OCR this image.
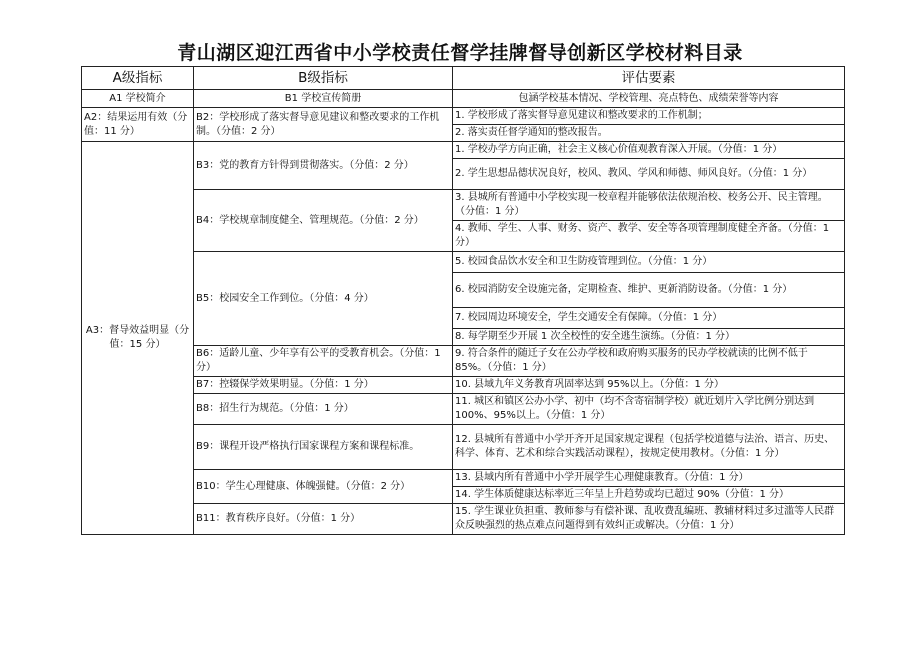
青山湖区迎江西省中小学校责任督学挂牌督导创新区学校材料目录
A级指标	B级指标	评估要素
A1 学校简介	B1 学校宣传简册	包涵学校基本情况、学校管理、亮点特色、成绩荣誉等内容
A2：结果运用有效（分值：11 分）	B2：学校形成了落实督导意见建议和整改要求的工作机制。（分值：2 分）	1. 学校形成了落实督导意见建议和整改要求的工作机制；
		2. 落实责任督学通知的整改报告。
A3：督导效益明显（分值：15 分）	B3：党的教育方针得到贯彻落实。（分值：2 分）	1. 学校办学方向正确，社会主义核心价值观教育深入开展。（分值：1 分）
		2. 学生思想品德状况良好，校风、教风、学风和师德、师风良好。（分值：1 分）
	B4：学校规章制度健全、管理规范。（分值：2 分）	3. 县城所有普通中小学校实现一校章程并能够依法依规治校、校务公开、民主管理。（分值：1 分）
		4. 教师、学生、人事、财务、资产、教学、安全等各项管理制度健全齐备。（分值：1 分）
	B5：校园安全工作到位。（分值：4 分）	5. 校园食品饮水安全和卫生防疫管理到位。（分值：1 分）
		6. 校园消防安全设施完备，定期检查、维护、更新消防设备。（分值：1 分）
		7. 校园周边环境安全，学生交通安全有保障。（分值：1 分）
		8. 每学期至少开展 1 次全校性的安全逃生演练。（分值：1 分）
	B6：适龄儿童、少年享有公平的受教育机会。（分值：1 分）	9. 符合条件的随迁子女在公办学校和政府购买服务的民办学校就读的比例不低于 85%。（分值：1 分）
	B7：控辍保学效果明显。（分值：1 分）	10. 县域九年义务教育巩固率达到 95%以上。（分值：1 分）
	B8：招生行为规范。（分值：1 分）	11. 城区和镇区公办小学、初中（均不含寄宿制学校）就近划片入学比例分别达到 100%、95%以上。（分值：1 分）
	B9：课程开设严格执行国家课程方案和课程标准。	12. 县城所有普通中小学开齐开足国家规定课程（包括学校道德与法治、语言、历史、科学、体育、艺术和综合实践活动课程），按规定使用教材。（分值：1 分）
	B10：学生心理健康、体魄强健。（分值：2 分）	13. 县域内所有普通中小学开展学生心理健康教育。（分值：1 分）
		14. 学生体质健康达标率近三年呈上升趋势或均已超过 90%（分值：1 分）
	B11：教育秩序良好。（分值：1 分）	15. 学生课业负担重、教师参与有偿补课、乱收费乱编班、教辅材料过多过滥等人民群众反映强烈的热点难点问题得到有效纠正或解决。（分值：1 分）
